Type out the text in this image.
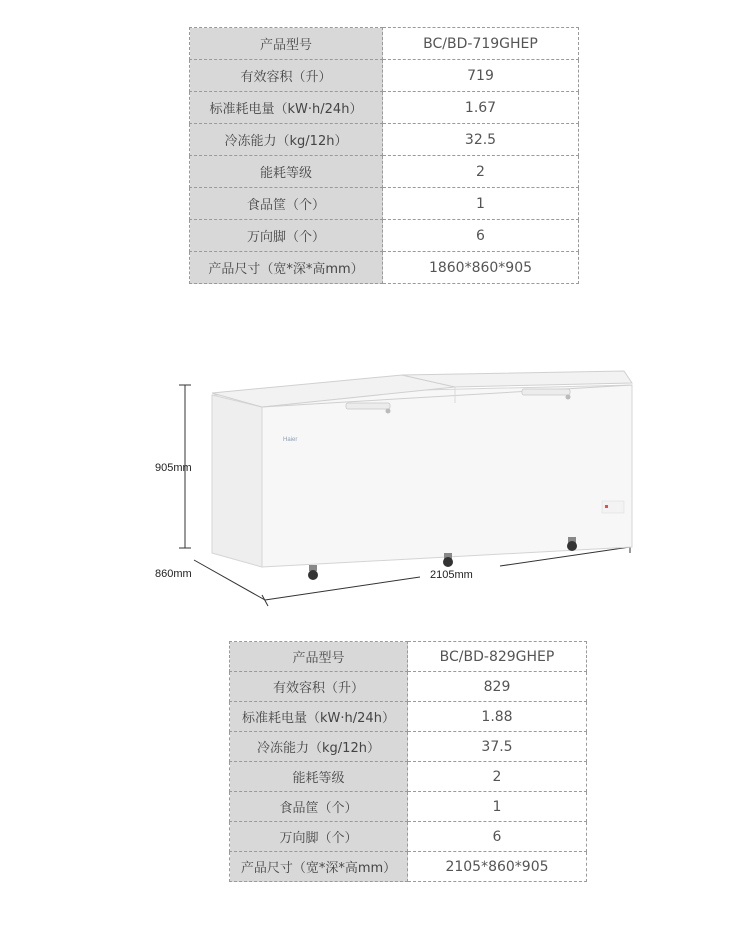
产品型号	BC/BD-719GHEP
有效容积（升）	719
标准耗电量（kW·h/24h）	1.67
冷冻能力（kg/12h）	32.5
能耗等级	2
食品筐（个）	1
万向脚（个）	6
产品尺寸（宽*深*高mm）	1860*860*905
905mm
860mm	2105mm
Haier
产品型号	BC/BD-829GHEP
有效容积（升）	829
标准耗电量（kW·h/24h）	1.88
冷冻能力（kg/12h）	37.5
能耗等级	2
食品筐（个）	1
万向脚（个）	6
产品尺寸（宽*深*高mm）	2105*860*905
